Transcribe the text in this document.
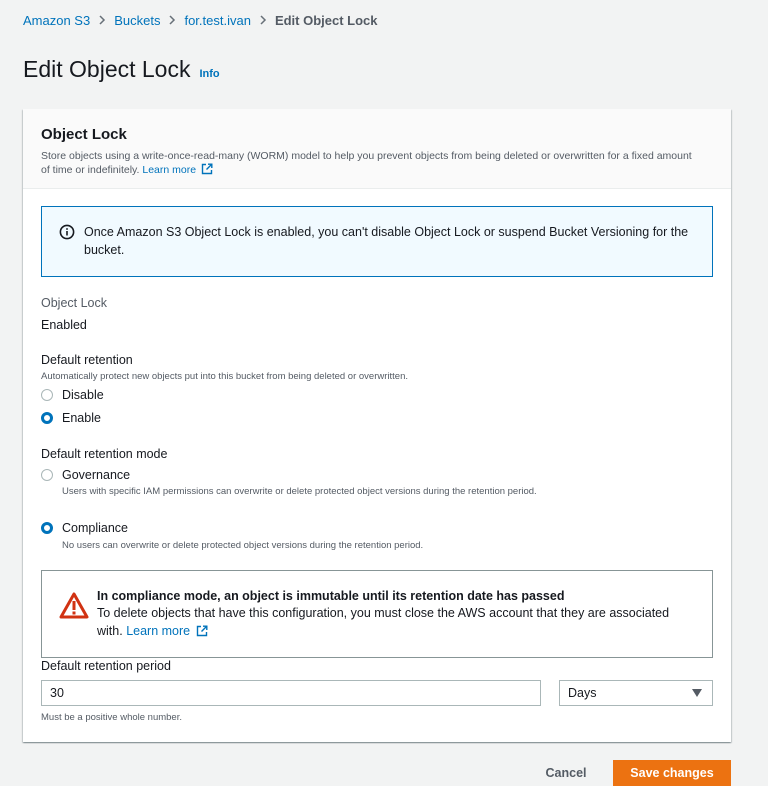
Amazon S3 Buckets for.test.ivan Edit Object Lock
Edit Object Lock Info
Object Lock

Store objects using a write-once-read-many (WORM) model to help you prevent objects from being deleted or overwritten for a fixed amount of time or indefinitely. Learn more

Once Amazon S3 Object Lock is enabled, you can't disable Object Lock or suspend Bucket Versioning for the bucket.
Object Lock
Enabled
Default retention
Automatically protect new objects put into this bucket from being deleted or overwritten.
Disable
Enable
Default retention mode
Governance
Users with specific IAM permissions can overwrite or delete protected object versions during the retention period.
Compliance
No users can overwrite or delete protected object versions during the retention period.
In compliance mode, an object is immutable until its retention date has passed
To delete objects that have this configuration, you must close the AWS account that they are associated with. Learn more
Default retention period
30	Days
Must be a positive whole number.
Cancel	Save changes
